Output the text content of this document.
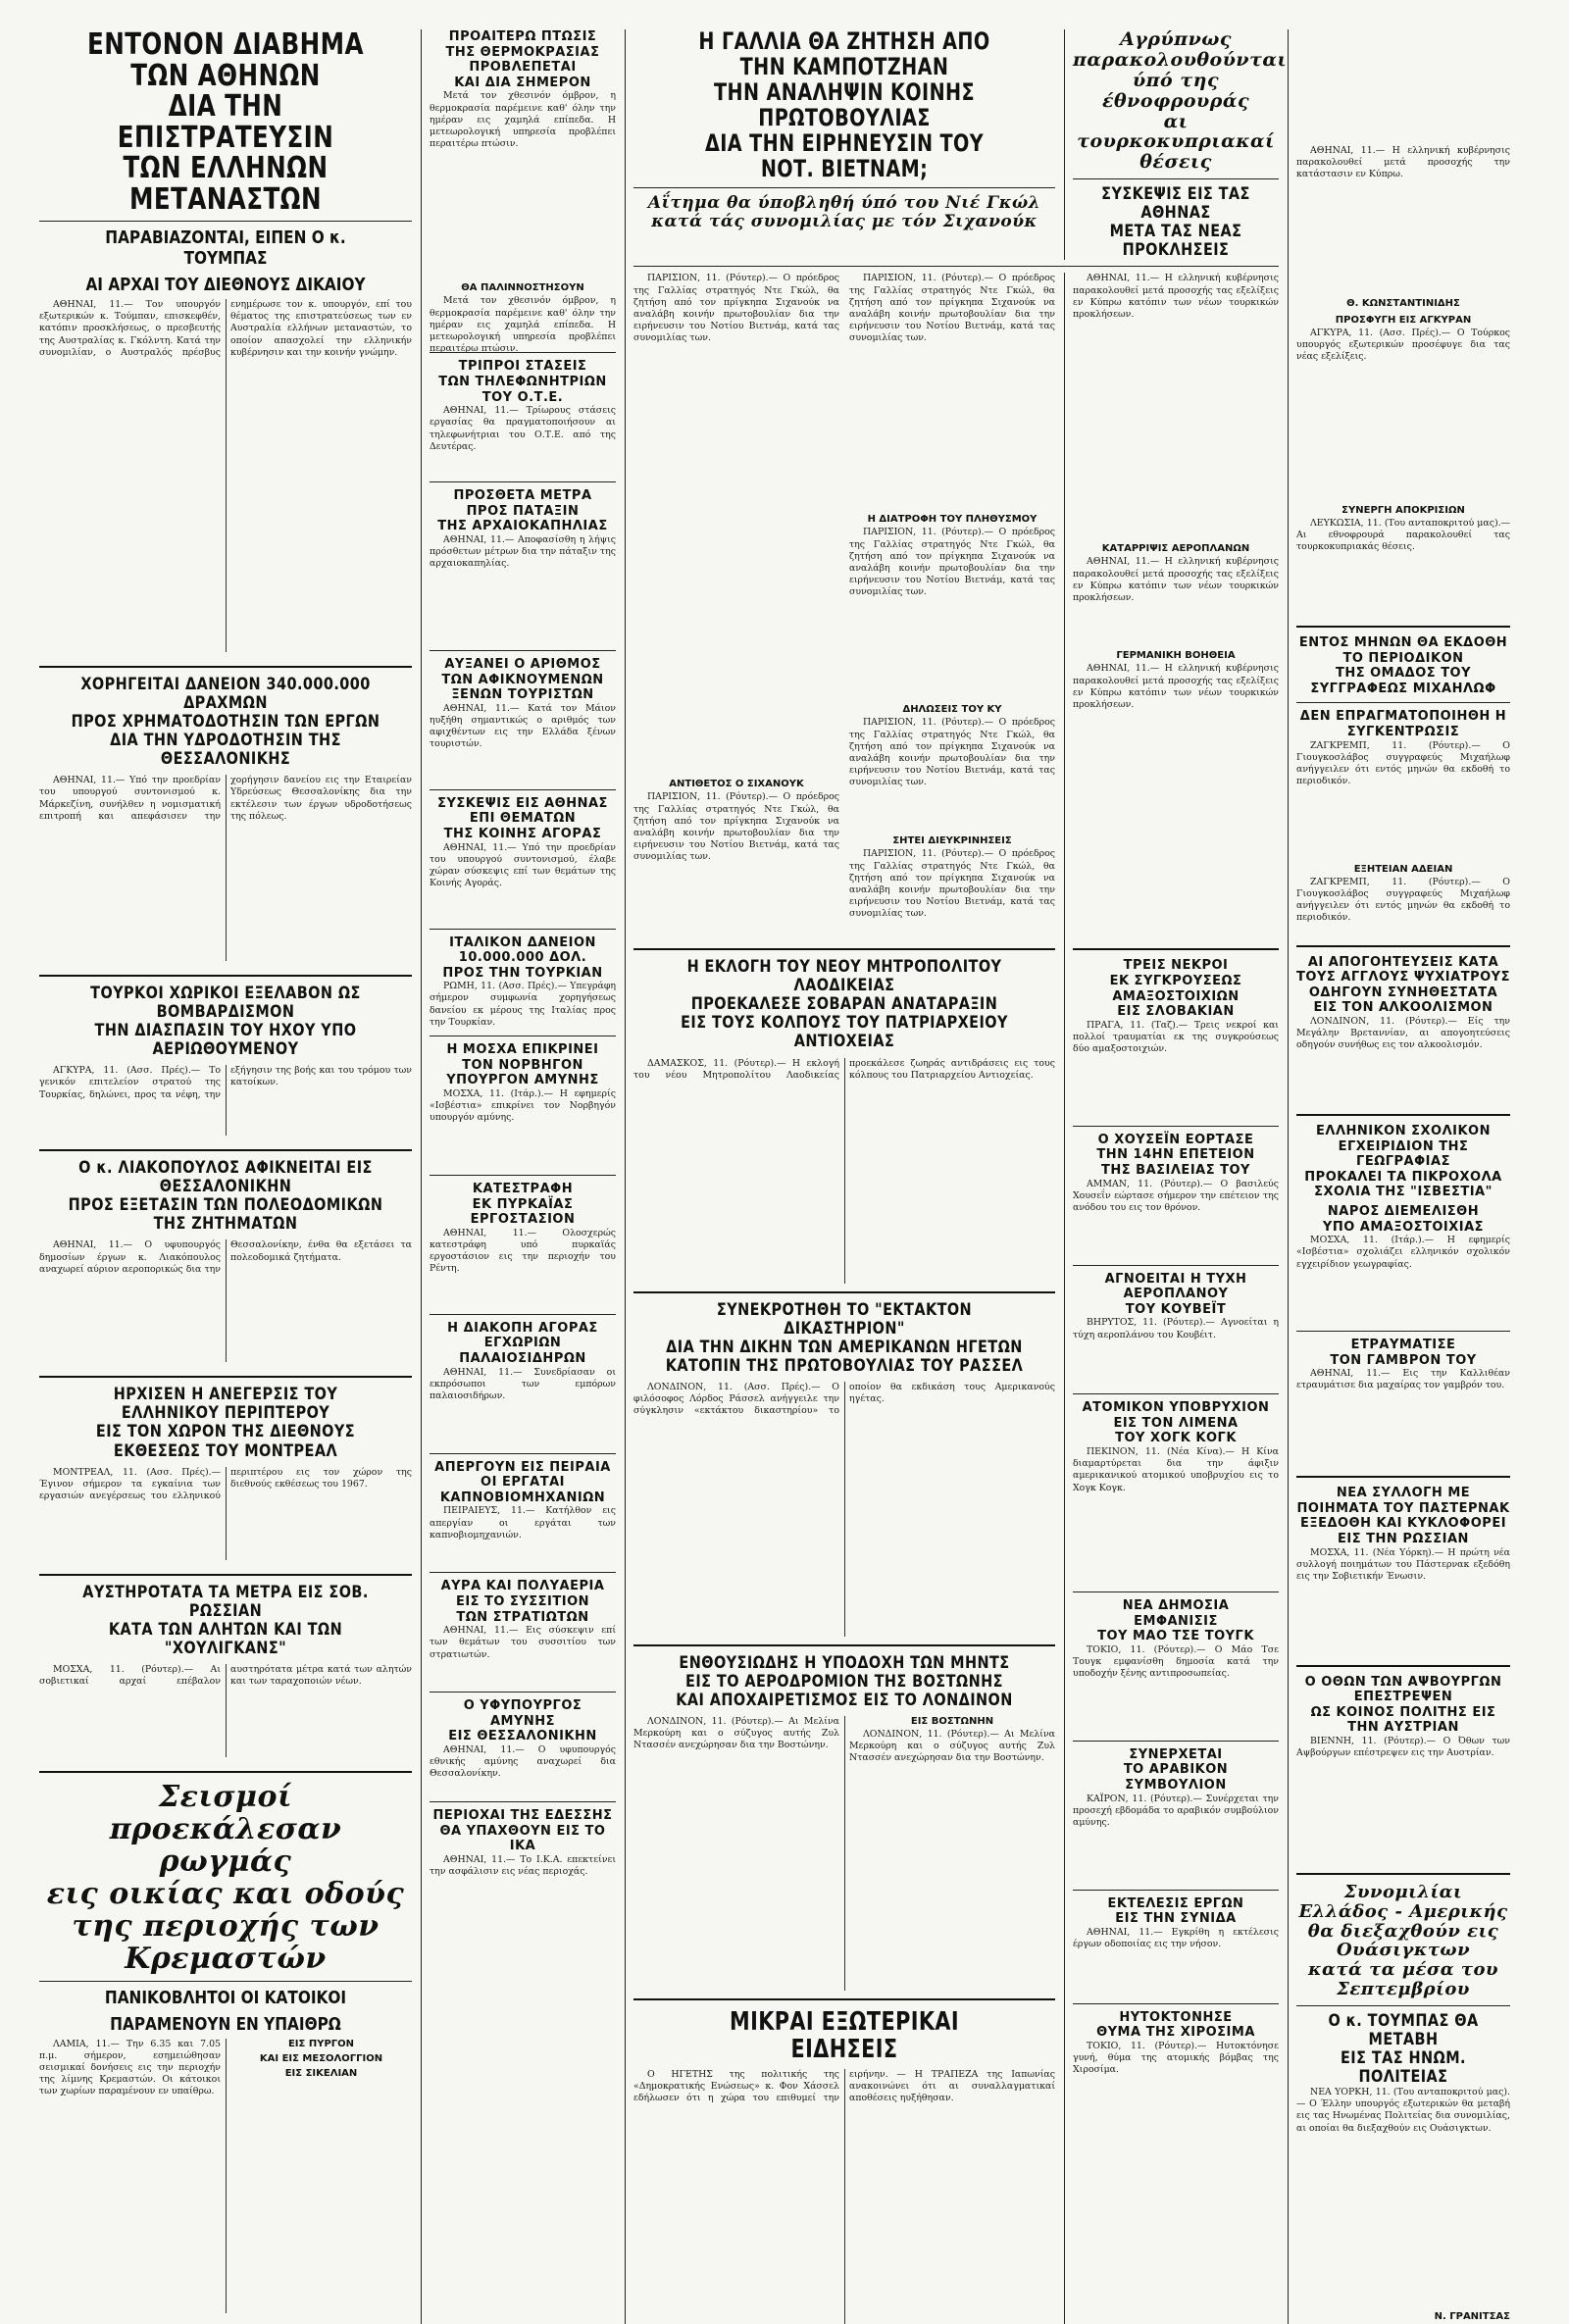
ΕΝΤΟΝΟΝ ΔΙΑΒΗΜΑ ΤΩΝ ΑΘΗΝΩΝ
ΔΙΑ ΤΗΝ ΕΠΙΣΤΡΑΤΕΥΣΙΝ
ΤΩΝ ΕΛΛΗΝΩΝ ΜΕΤΑΝΑΣΤΩΝ
ΠΑΡΑΒΙΑΖΟΝΤΑΙ, ΕΙΠΕΝ Ο κ. ΤΟΥΜΠΑΣ
ΑΙ ΑΡΧΑΙ ΤΟΥ ΔΙΕΘΝΟΥΣ ΔΙΚΑΙΟΥ

ΑΘΗΝΑΙ, 11.— Τον υπουργόν εξωτερικών κ. Τούμπαν, επισκεφθέν, κατόπιν προσκλήσεως, ο πρεσβευτής της Αυστραλίας κ. Γκόλντη. Κατά την συνομιλίαν, ο Αυστραλός πρέσβυς ενημέρωσε τον κ. υπουργόν, επί του θέματος της επιστρατεύσεως των εν Αυστραλία ελλήνων μεταναστών, το οποίον απασχολεί την ελληνικήν κυβέρνησιν και την κοινήν γνώμην.

ΧΟΡΗΓΕΙΤΑΙ ΔΑΝΕΙΟΝ 340.000.000 ΔΡΑΧΜΩΝ
ΠΡΟΣ ΧΡΗΜΑΤΟΔΟΤΗΣΙΝ ΤΩΝ ΕΡΓΩΝ
ΔΙΑ ΤΗΝ ΥΔΡΟΔΟΤΗΣΙΝ ΤΗΣ ΘΕΣΣΑΛΟΝΙΚΗΣ

ΑΘΗΝΑΙ, 11.— Υπό την προεδρίαν του υπουργού συντονισμού κ. Μάρκεζίνη, συνήλθεν η νομισματική επιτροπή και απεφάσισεν την χορήγησιν δανείου εις την Εταιρείαν Υδρεύσεως Θεσσαλονίκης δια την εκτέλεσιν των έργων υδροδοτήσεως της πόλεως.

ΤΟΥΡΚΟΙ ΧΩΡΙΚΟΙ ΕΞΕΛΑΒΟΝ ΩΣ ΒΟΜΒΑΡΔΙΣΜΟΝ
ΤΗΝ ΔΙΑΣΠΑΣΙΝ ΤΟΥ ΗΧΟΥ ΥΠΟ ΑΕΡΙΩΘΟΥΜΕΝΟΥ

ΑΓΚΥΡΑ, 11. (Ασσ. Πρές).— Το γενικόν επιτελείον στρατού της Τουρκίας, δηλώνει, προς τα νέφη, την εξήγησιν της βοής και του τρόμου των κατοίκων.

Ο κ. ΛΙΑΚΟΠΟΥΛΟΣ ΑΦΙΚΝΕΙΤΑΙ ΕΙΣ ΘΕΣΣΑΛΟΝΙΚΗΝ
ΠΡΟΣ ΕΞΕΤΑΣΙΝ ΤΩΝ ΠΟΛΕΟΔΟΜΙΚΩΝ ΤΗΣ ΖΗΤΗΜΑΤΩΝ

ΑΘΗΝΑΙ, 11.— Ο υφυπουργός δημοσίων έργων κ. Λιακόπουλος αναχωρεί αύριον αεροπορικώς δια την Θεσσαλονίκην, ένθα θα εξετάσει τα πολεοδομικά ζητήματα.

ΗΡΧΙΣΕΝ Η ΑΝΕΓΕΡΣΙΣ ΤΟΥ ΕΛΛΗΝΙΚΟΥ ΠΕΡΙΠΤΕΡΟΥ
ΕΙΣ ΤΟΝ ΧΩΡΟΝ ΤΗΣ ΔΙΕΘΝΟΥΣ ΕΚΘΕΣΕΩΣ ΤΟΥ ΜΟΝΤΡΕΑΛ

ΜΟΝΤΡΕΑΛ, 11. (Ασσ. Πρές).— Έγινον σήμερον τα εγκαίνια των εργασιών ανεγέρσεως του ελληνικού περιπτέρου εις τον χώρον της διεθνούς εκθέσεως του 1967.

ΑΥΣΤΗΡΟΤΑΤΑ ΤΑ ΜΕΤΡΑ ΕΙΣ ΣΟΒ. ΡΩΣΣΙΑΝ
ΚΑΤΑ ΤΩΝ ΑΛΗΤΩΝ ΚΑΙ ΤΩΝ "ΧΟΥΛΙΓΚΑΝΣ"

ΜΟΣΧΑ, 11. (Ρόυτερ).— Αι σοβιετικαί αρχαί επέβαλον αυστηρότατα μέτρα κατά των αλητών και των ταραχοποιών νέων.

Σεισμοί προεκάλεσαν ρωγμάς
εις οικίας και οδούς
της περιοχής των Κρεμαστών
ΠΑΝΙΚΟΒΛΗΤΟΙ ΟΙ ΚΑΤΟΙΚΟΙ
ΠΑΡΑΜΕΝΟΥΝ ΕΝ ΥΠΑΙΘΡΩ

ΛΑΜΙΑ, 11.— Την 6.35 και 7.05 π.μ. σήμερον, εσημειώθησαν σεισμικαί δονήσεις εις την περιοχήν της λίμνης Κρεμαστών. Οι κάτοικοι των χωρίων παραμένουν εν υπαίθρω.

ΕΙΣ ΠΥΡΓΟΝ
ΚΑΙ ΕΙΣ ΜΕΣΟΛΟΓΓΙΟΝ
ΕΙΣ ΣΙΚΕΛΙΑΝ
ΠΡΟΑΙΤΕΡΩ ΠΤΩΣΙΣ
ΤΗΣ ΘΕΡΜΟΚΡΑΣΙΑΣ
ΠΡΟΒΛΕΠΕΤΑΙ
ΚΑΙ ΔΙΑ ΣΗΜΕΡΟΝ

Μετά τον χθεσινόν όμβρον, η θερμοκρασία παρέμεινε καθ' όλην την ημέραν εις χαμηλά επίπεδα. Η μετεωρολογική υπηρεσία προβλέπει περαιτέρω πτώσιν.

ΘΑ ΠΑΛΙΝΝΟΣΤΗΣΟΥΝ

Μετά τον χθεσινόν όμβρον, η θερμοκρασία παρέμεινε καθ' όλην την ημέραν εις χαμηλά επίπεδα. Η μετεωρολογική υπηρεσία προβλέπει περαιτέρω πτώσιν.

ΤΡΙΠΡΟΙ ΣΤΑΣΕΙΣ
ΤΩΝ ΤΗΛΕΦΩΝΗΤΡΙΩΝ
ΤΟΥ Ο.Τ.Ε.

ΑΘΗΝΑΙ, 11.— Τρίωρους στάσεις εργασίας θα πραγματοποιήσουν αι τηλεφωνήτριαι του Ο.Τ.Ε. από της Δευτέρας.

ΠΡΟΣΘΕΤΑ ΜΕΤΡΑ
ΠΡΟΣ ΠΑΤΑΞΙΝ
ΤΗΣ ΑΡΧΑΙΟΚΑΠΗΛΙΑΣ

ΑΘΗΝΑΙ, 11.— Αποφασίσθη η λήψις πρόσθετων μέτρων δια την πάταξιν της αρχαιοκαπηλίας.

ΑΥΞΑΝΕΙ Ο ΑΡΙΘΜΟΣ
ΤΩΝ ΑΦΙΚΝΟΥΜΕΝΩΝ
ΞΕΝΩΝ ΤΟΥΡΙΣΤΩΝ

ΑΘΗΝΑΙ, 11.— Κατά τον Μάιον ηυξήθη σημαντικώς ο αριθμός των αφιχθέντων εις την Ελλάδα ξένων τουριστών.

ΣΥΣΚΕΨΙΣ ΕΙΣ ΑΘΗΝΑΣ
ΕΠΙ ΘΕΜΑΤΩΝ
ΤΗΣ ΚΟΙΝΗΣ ΑΓΟΡΑΣ

ΑΘΗΝΑΙ, 11.— Υπό την προεδρίαν του υπουργού συντονισμού, έλαβε χώραν σύσκεψις επί των θεμάτων της Κοινής Αγοράς.

ΙΤΑΛΙΚΟΝ ΔΑΝΕΙΟΝ
10.000.000 ΔΟΛ.
ΠΡΟΣ ΤΗΝ ΤΟΥΡΚΙΑΝ

ΡΩΜΗ, 11. (Ασσ. Πρές).— Υπεγράφη σήμερον συμφωνία χορηγήσεως δανείου εκ μέρους της Ιταλίας προς την Τουρκίαν.

Η ΜΟΣΧΑ ΕΠΙΚΡΙΝΕΙ
ΤΟΝ ΝΟΡΒΗΓΟΝ
ΥΠΟΥΡΓΟΝ ΑΜΥΝΗΣ

ΜΟΣΧΑ, 11. (Ιτάρ.).— Η εφημερίς «Ισβέστια» επικρίνει τον Νορβηγόν υπουργόν αμύνης.

ΚΑΤΕΣΤΡΑΦΗ
ΕΚ ΠΥΡΚΑΪΑΣ
ΕΡΓΟΣΤΑΣΙΟΝ

ΑΘΗΝΑΙ, 11.— Ολοσχερώς κατεστράφη υπό πυρκαϊάς εργοστάσιον εις την περιοχήν του Ρέντη.

Η ΔΙΑΚΟΠΗ ΑΓΟΡΑΣ
ΕΓΧΩΡΙΩΝ
ΠΑΛΑΙΟΣΙΔΗΡΩΝ

ΑΘΗΝΑΙ, 11.— Συνεδρίασαν οι εκπρόσωποι των εμπόρων παλαιοσιδήρων.

ΑΠΕΡΓΟΥΝ ΕΙΣ ΠΕΙΡΑΙΑ
ΟΙ ΕΡΓΑΤΑΙ
ΚΑΠΝΟΒΙΟΜΗΧΑΝΙΩΝ

ΠΕΙΡΑΙΕΥΣ, 11.— Κατήλθον εις απεργίαν οι εργάται των καπνοβιομηχανιών.

ΑΥΡΑ ΚΑΙ ΠΟΛΥΑΕΡΙΑ
ΕΙΣ ΤΟ ΣΥΣΣΙΤΙΟΝ
ΤΩΝ ΣΤΡΑΤΙΩΤΩΝ

ΑΘΗΝΑΙ, 11.— Εις σύσκεψιν επί των θεμάτων του συσσιτίου των στρατιωτών.

Ο ΥΦΥΠΟΥΡΓΟΣ ΑΜΥΝΗΣ
ΕΙΣ ΘΕΣΣΑΛΟΝΙΚΗΝ

ΑΘΗΝΑΙ, 11.— Ο υφυπουργός εθνικής αμύνης αναχωρεί δια Θεσσαλονίκην.

ΠΕΡΙΟΧΑΙ ΤΗΣ ΕΔΕΣΣΗΣ
ΘΑ ΥΠΑΧΘΟΥΝ ΕΙΣ ΤΟ ΙΚΑ

ΑΘΗΝΑΙ, 11.— Το Ι.Κ.Α. επεκτείνει την ασφάλισιν εις νέας περιοχάς.

Η ΓΑΛΛΙΑ ΘΑ ΖΗΤΗΣΗ ΑΠΟ ΤΗΝ ΚΑΜΠΟΤΖΗΑΝ
ΤΗΝ ΑΝΑΛΗΨΙΝ ΚΟΙΝΗΣ ΠΡΩΤΟΒΟΥΛΙΑΣ
ΔΙΑ ΤΗΝ ΕΙΡΗΝΕΥΣΙΝ ΤΟΥ ΝΟΤ. ΒΙΕΤΝΑΜ;
Αΐτημα θα ύποβληθή ύπό του Νιέ Γκώλ
κατά τάς συνομιλίας με τόν Σιχανούκ
Αγρύπνως παρακολουθούνται
ύπό της έθνοφρουράς
αι τουρκοκυπριακαί θέσεις
ΣΥΣΚΕΨΙΣ ΕΙΣ ΤΑΣ ΑΘΗΝΑΣ
ΜΕΤΑ ΤΑΣ ΝΕΑΣ ΠΡΟΚΛΗΣΕΙΣ

ΠΑΡΙΣΙΟΝ, 11. (Ρόυτερ).— Ο πρόεδρος της Γαλλίας στρατηγός Ντε Γκώλ, θα ζητήση από τον πρίγκηπα Σιχανούκ να αναλάβη κοινήν πρωτοβουλίαν δια την ειρήνευσιν του Νοτίου Βιετνάμ, κατά τας συνομιλίας των.

ΑΝΤΙΘΕΤΟΣ Ο ΣΙΧΑΝΟΥΚ

ΠΑΡΙΣΙΟΝ, 11. (Ρόυτερ).— Ο πρόεδρος της Γαλλίας στρατηγός Ντε Γκώλ, θα ζητήση από τον πρίγκηπα Σιχανούκ να αναλάβη κοινήν πρωτοβουλίαν δια την ειρήνευσιν του Νοτίου Βιετνάμ, κατά τας συνομιλίας των.

ΠΑΡΙΣΙΟΝ, 11. (Ρόυτερ).— Ο πρόεδρος της Γαλλίας στρατηγός Ντε Γκώλ, θα ζητήση από τον πρίγκηπα Σιχανούκ να αναλάβη κοινήν πρωτοβουλίαν δια την ειρήνευσιν του Νοτίου Βιετνάμ, κατά τας συνομιλίας των.

Η ΔΙΑΤΡΟΦΗ ΤΟΥ ΠΛΗΘΥΣΜΟΥ

ΠΑΡΙΣΙΟΝ, 11. (Ρόυτερ).— Ο πρόεδρος της Γαλλίας στρατηγός Ντε Γκώλ, θα ζητήση από τον πρίγκηπα Σιχανούκ να αναλάβη κοινήν πρωτοβουλίαν δια την ειρήνευσιν του Νοτίου Βιετνάμ, κατά τας συνομιλίας των.

ΔΗΛΩΣΕΙΣ ΤΟΥ ΚΥ

ΠΑΡΙΣΙΟΝ, 11. (Ρόυτερ).— Ο πρόεδρος της Γαλλίας στρατηγός Ντε Γκώλ, θα ζητήση από τον πρίγκηπα Σιχανούκ να αναλάβη κοινήν πρωτοβουλίαν δια την ειρήνευσιν του Νοτίου Βιετνάμ, κατά τας συνομιλίας των.

ΣΗΤΕΙ ΔΙΕΥΚΡΙΝΗΣΕΙΣ

ΠΑΡΙΣΙΟΝ, 11. (Ρόυτερ).— Ο πρόεδρος της Γαλλίας στρατηγός Ντε Γκώλ, θα ζητήση από τον πρίγκηπα Σιχανούκ να αναλάβη κοινήν πρωτοβουλίαν δια την ειρήνευσιν του Νοτίου Βιετνάμ, κατά τας συνομιλίας των.

ΑΘΗΝΑΙ, 11.— Η ελληνική κυβέρνησις παρακολουθεί μετά προσοχής τας εξελίξεις εν Κύπρω κατόπιν των νέων τουρκικών προκλήσεων.

ΚΑΤΑΡΡΙΨΙΣ ΑΕΡΟΠΛΑΝΩΝ

ΑΘΗΝΑΙ, 11.— Η ελληνική κυβέρνησις παρακολουθεί μετά προσοχής τας εξελίξεις εν Κύπρω κατόπιν των νέων τουρκικών προκλήσεων.

ΓΕΡΜΑΝΙΚΗ ΒΟΗΘΕΙΑ

ΑΘΗΝΑΙ, 11.— Η ελληνική κυβέρνησις παρακολουθεί μετά προσοχής τας εξελίξεις εν Κύπρω κατόπιν των νέων τουρκικών προκλήσεων.

Η ΕΚΛΟΓΗ ΤΟΥ ΝΕΟΥ ΜΗΤΡΟΠΟΛΙΤΟΥ ΛΑΟΔΙΚΕΙΑΣ
ΠΡΟΕΚΑΛΕΣΕ ΣΟΒΑΡΑΝ ΑΝΑΤΑΡΑΞΙΝ
ΕΙΣ ΤΟΥΣ ΚΟΛΠΟΥΣ ΤΟΥ ΠΑΤΡΙΑΡΧΕΙΟΥ ΑΝΤΙΟΧΕΙΑΣ

ΔΑΜΑΣΚΟΣ, 11. (Ρόυτερ).— Η εκλογή του νέου Μητροπολίτου Λαοδικείας προεκάλεσε ζωηράς αντιδράσεις εις τους κόλπους του Πατριαρχείου Αντιοχείας.

ΣΥΝΕΚΡΟΤΗΘΗ ΤΟ "ΕΚΤΑΚΤΟΝ ΔΙΚΑΣΤΗΡΙΟΝ"
ΔΙΑ ΤΗΝ ΔΙΚΗΝ ΤΩΝ ΑΜΕΡΙΚΑΝΩΝ ΗΓΕΤΩΝ
ΚΑΤΟΠΙΝ ΤΗΣ ΠΡΩΤΟΒΟΥΛΙΑΣ ΤΟΥ ΡΑΣΣΕΛ

ΛΟΝΔΙΝΟΝ, 11. (Ασσ. Πρές).— Ο φιλόσοφος Λόρδος Ράσσελ ανήγγειλε την σύγκλησιν «εκτάκτου δικαστηρίου» το οποίον θα εκδικάση τους Αμερικανούς ηγέτας.

ΕΝΘΟΥΣΙΩΔΗΣ Η ΥΠΟΔΟΧΗ ΤΩΝ ΜΗΝΤΣ
ΕΙΣ ΤΟ ΑΕΡΟΔΡΟΜΙΟΝ ΤΗΣ ΒΟΣΤΩΝΗΣ
ΚΑΙ ΑΠΟΧΑΙΡΕΤΙΣΜΟΣ ΕΙΣ ΤΟ ΛΟΝΔΙΝΟΝ

ΛΟΝΔΙΝΟΝ, 11. (Ρόυτερ).— Αι Μελίνα Μερκούρη και ο σύζυγος αυτής Ζυλ Ντασσέν ανεχώρησαν δια την Βοστώνην.

ΕΙΣ ΒΟΣΤΩΝΗΝ

ΛΟΝΔΙΝΟΝ, 11. (Ρόυτερ).— Αι Μελίνα Μερκούρη και ο σύζυγος αυτής Ζυλ Ντασσέν ανεχώρησαν δια την Βοστώνην.

ΜΙΚΡΑΙ ΕΞΩΤΕΡΙΚΑΙ ΕΙΔΗΣΕΙΣ

Ο ΗΓΕΤΗΣ της πολιτικής της «Δημοκρατικής Ενώσεως» κ. Φον Χάσσελ εδήλωσεν ότι η χώρα του επιθυμεί την ειρήνην. — Η ΤΡΑΠΕΖΑ της Ιαπωνίας ανακοινώνει ότι αι συναλλαγματικαί αποθέσεις ηυξήθησαν.

ΤΡΕΙΣ ΝΕΚΡΟΙ
ΕΚ ΣΥΓΚΡΟΥΣΕΩΣ
ΑΜΑΞΟΣΤΟΙΧΙΩΝ
ΕΙΣ ΣΛΟΒΑΚΙΑΝ

ΠΡΑΓΑ, 11. (Ταζ).— Τρεις νεκροί και πολλοί τραυματίαι εκ της συγκρούσεως δύο αμαξοστοιχιών.

Ο ΧΟΥΣΕΪΝ ΕΟΡΤΑΣΕ
ΤΗΝ 14ΗΝ ΕΠΕΤΕΙΟΝ
ΤΗΣ ΒΑΣΙΛΕΙΑΣ ΤΟΥ

ΑΜΜΑΝ, 11. (Ρόυτερ).— Ο βασιλεύς Χουσεΐν εώρτασε σήμερον την επέτειον της ανόδου του εις τον θρόνον.

ΑΓΝΟΕΙΤΑΙ Η ΤΥΧΗ
ΑΕΡΟΠΛΑΝΟΥ
ΤΟΥ ΚΟΥΒΕΪΤ

ΒΗΡΥΤΟΣ, 11. (Ρόυτερ).— Αγνοείται η τύχη αεροπλάνου του Κουβέιτ.

ΑΤΟΜΙΚΟΝ ΥΠΟΒΡΥΧΙΟΝ
ΕΙΣ ΤΟΝ ΛΙΜΕΝΑ
ΤΟΥ ΧΟΓΚ ΚΟΓΚ

ΠΕΚΙΝΟΝ, 11. (Νέα Κίνα).— Η Κίνα διαμαρτύρεται δια την άφιξιν αμερικανικού ατομικού υποβρυχίου εις το Χογκ Κογκ.

ΝΕΑ ΔΗΜΟΣΙΑ
ΕΜΦΑΝΙΣΙΣ
ΤΟΥ ΜΑΟ ΤΣΕ ΤΟΥΓΚ

ΤΟΚΙΟ, 11. (Ρόυτερ).— Ο Μάο Τσε Τουγκ εμφανίσθη δημοσία κατά την υποδοχήν ξένης αντιπροσωπείας.

ΣΥΝΕΡΧΕΤΑΙ
ΤΟ ΑΡΑΒΙΚΟΝ
ΣΥΜΒΟΥΛΙΟΝ

ΚΑΪΡΟΝ, 11. (Ρόυτερ).— Συνέρχεται την προσεχή εβδομάδα το αραβικόν συμβούλιον αμύνης.

ΕΚΤΕΛΕΣΙΣ ΕΡΓΩΝ
ΕΙΣ ΤΗΝ ΣΥΝΙΔΑ

ΑΘΗΝΑΙ, 11.— Εγκρίθη η εκτέλεσις έργων οδοποιίας εις την νήσον.

ΗΥΤΟΚΤΟΝΗΣΕ
ΘΥΜΑ ΤΗΣ ΧΙΡΟΣΙΜΑ

ΤΟΚΙΟ, 11. (Ρόυτερ).— Ηυτοκτόνησε γυνή, θύμα της ατομικής βόμβας της Χιροσίμα.

ΑΘΗΝΑΙ, 11.— Η ελληνική κυβέρνησις παρακολουθεί μετά προσοχής την κατάστασιν εν Κύπρω.

Θ. ΚΩΝΣΤΑΝΤΙΝΙΔΗΣ
ΠΡΟΣΦΥΓΗ ΕΙΣ ΑΓΚΥΡΑΝ

ΑΓΚΥΡΑ, 11. (Ασσ. Πρές).— Ο Τούρκος υπουργός εξωτερικών προσέφυγε δια τας νέας εξελίξεις.

ΣΥΝΕΡΓΗ ΑΠΟΚΡΙΣΙΩΝ

ΛΕΥΚΩΣΙΑ, 11. (Του ανταποκριτού μας).— Αι εθνοφρουρά παρακολουθεί τας τουρκοκυπριακάς θέσεις.

ΕΝΤΟΣ ΜΗΝΩΝ ΘΑ ΕΚΔΟΘΗ ΤΟ ΠΕΡΙΟΔΙΚΟΝ
ΤΗΣ ΟΜΑΔΟΣ ΤΟΥ ΣΥΓΓΡΑΦΕΩΣ ΜΙΧΑΗΛΩΦ
ΔΕΝ ΕΠΡΑΓΜΑΤΟΠΟΙΗΘΗ Η ΣΥΓΚΕΝΤΡΩΣΙΣ

ΖΑΓΚΡΕΜΠ, 11. (Ρόυτερ).— Ο Γιουγκοσλάβος συγγραφεύς Μιχαήλωφ ανήγγειλεν ότι εντός μηνών θα εκδοθή το περιοδικόν.

ΕΞΗΤΕΙΑΝ ΑΔΕΙΑΝ

ΖΑΓΚΡΕΜΠ, 11. (Ρόυτερ).— Ο Γιουγκοσλάβος συγγραφεύς Μιχαήλωφ ανήγγειλεν ότι εντός μηνών θα εκδοθή το περιοδικόν.

ΑΙ ΑΠΟΓΟΗΤΕΥΣΕΙΣ ΚΑΤΑ ΤΟΥΣ ΑΓΓΛΟΥΣ ΨΥΧΙΑΤΡΟΥΣ
ΟΔΗΓΟΥΝ ΣΥΝΗΘΕΣΤΑΤΑ ΕΙΣ ΤΟΝ ΑΛΚΟΟΛΙΣΜΟΝ

ΛΟΝΔΙΝΟΝ, 11. (Ρόυτερ).— Είς την Μεγάλην Βρεταννίαν, αι απογοητεύσεις οδηγούν συνήθως εις τον αλκοολισμόν.

ΕΛΛΗΝΙΚΟΝ ΣΧΟΛΙΚΟΝ ΕΓΧΕΙΡΙΔΙΟΝ ΤΗΣ ΓΕΩΓΡΑΦΙΑΣ
ΠΡΟΚΑΛΕΙ ΤΑ ΠΙΚΡΟΧΟΛΑ ΣΧΟΛΙΑ ΤΗΣ "ΙΣΒΕΣΤΙΑ"
ΝΑΡΟΣ ΔΙΕΜΕΛΙΣΘΗ
ΥΠΟ ΑΜΑΞΟΣΤΟΙΧΙΑΣ

ΜΟΣΧΑ, 11. (Ιτάρ.).— Η εφημερίς «Ισβέστια» σχολιάζει ελληνικόν σχολικόν εγχειρίδιον γεωγραφίας.

ΕΤΡΑΥΜΑΤΙΣΕ
ΤΟΝ ΓΑΜΒΡΟΝ ΤΟΥ

ΑΘΗΝΑΙ, 11.— Εις την Καλλιθέαν ετραυμάτισε δια μαχαίρας τον γαμβρόν του.

ΝΕΑ ΣΥΛΛΟΓΗ ΜΕ ΠΟΙΗΜΑΤΑ ΤΟΥ ΠΑΣΤΕΡΝΑΚ
ΕΞΕΔΟΘΗ ΚΑΙ ΚΥΚΛΟΦΟΡΕΙ ΕΙΣ ΤΗΝ ΡΩΣΣΙΑΝ

ΜΟΣΧΑ, 11. (Νέα Υόρκη).— Η πρώτη νέα συλλογή ποιημάτων του Πάστερνακ εξεδόθη εις την Σοβιετικήν Ένωσιν.

Ο ΟΘΩΝ ΤΩΝ ΑΨΒΟΥΡΓΩΝ ΕΠΕΣΤΡΕΨΕΝ
ΩΣ ΚΟΙΝΟΣ ΠΟΛΙΤΗΣ ΕΙΣ ΤΗΝ ΑΥΣΤΡΙΑΝ

ΒΙΕΝΝΗ, 11. (Ρόυτερ).— Ο Όθων των Αψβούργων επέστρεψεν εις την Αυστρίαν.

Συνομιλίαι Ελλάδος - Αμερικής
θα διεξαχθούν εις Ουάσιγκτων
κατά τα μέσα του Σεπτεμβρίου
Ο κ. ΤΟΥΜΠΑΣ ΘΑ ΜΕΤΑΒΗ
ΕΙΣ ΤΑΣ ΗΝΩΜ. ΠΟΛΙΤΕΙΑΣ

ΝΕΑ ΥΟΡΚΗ, 11. (Του ανταποκριτού μας).— Ο Έλλην υπουργός εξωτερικών θα μεταβή εις τας Ηνωμένας Πολιτείας δια συνομιλίας, αι οποίαι θα διεξαχθούν εις Ουάσιγκτων.

Ν. ΓΡΑΝΙΤΣΑΣ
